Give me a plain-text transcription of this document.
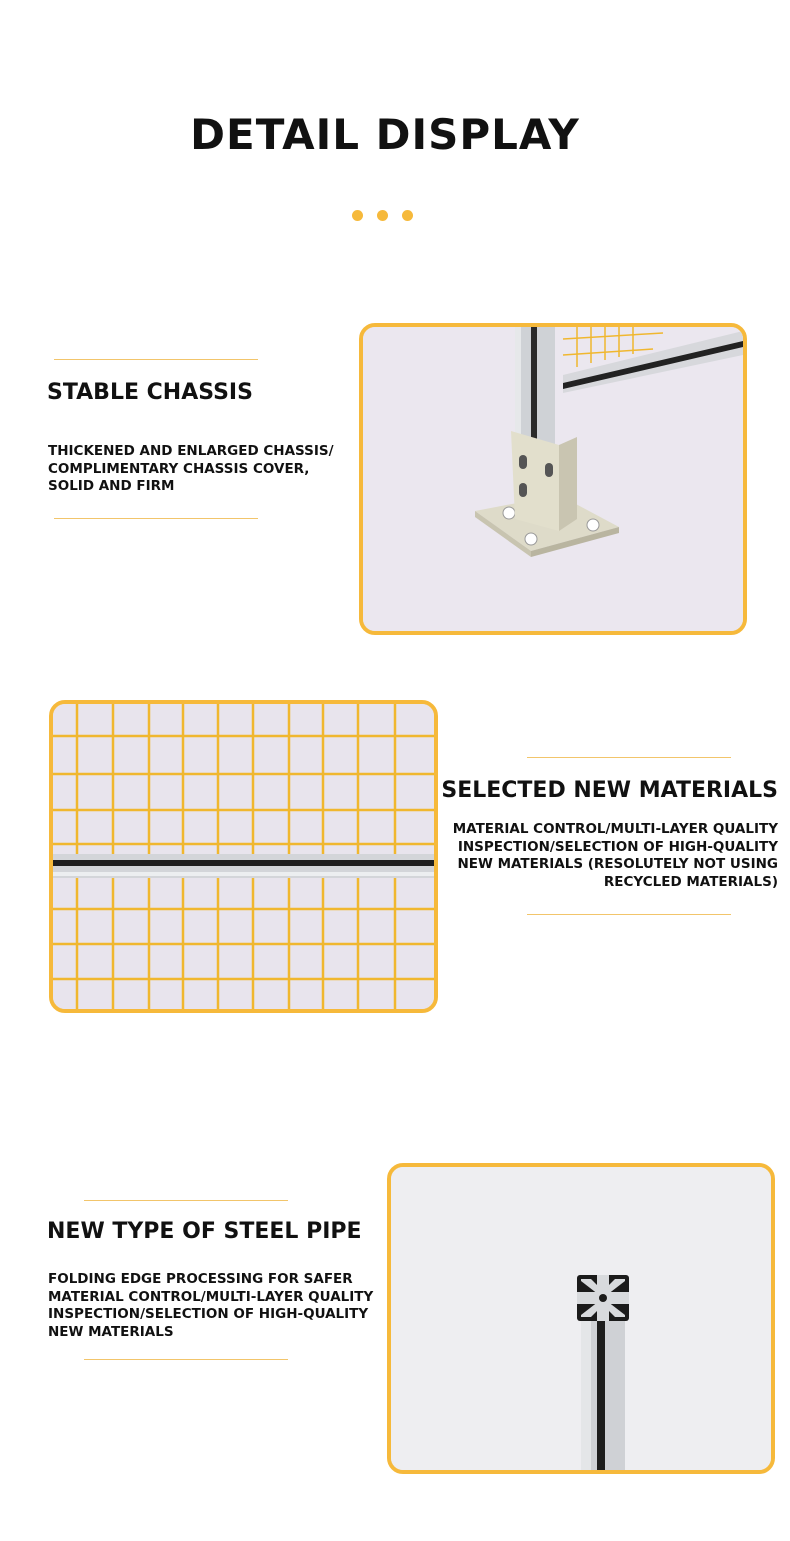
DETAIL DISPLAY
STABLE CHASSIS
THICKENED AND ENLARGED CHASSIS/
COMPLIMENTARY CHASSIS COVER,
SOLID AND FIRM
SELECTED NEW MATERIALS
MATERIAL CONTROL/MULTI-LAYER QUALITY
INSPECTION/SELECTION OF HIGH-QUALITY
NEW MATERIALS (RESOLUTELY NOT USING
RECYCLED MATERIALS)
NEW TYPE OF STEEL PIPE
FOLDING EDGE PROCESSING FOR SAFER
MATERIAL CONTROL/MULTI-LAYER QUALITY
INSPECTION/SELECTION OF HIGH-QUALITY
NEW MATERIALS
